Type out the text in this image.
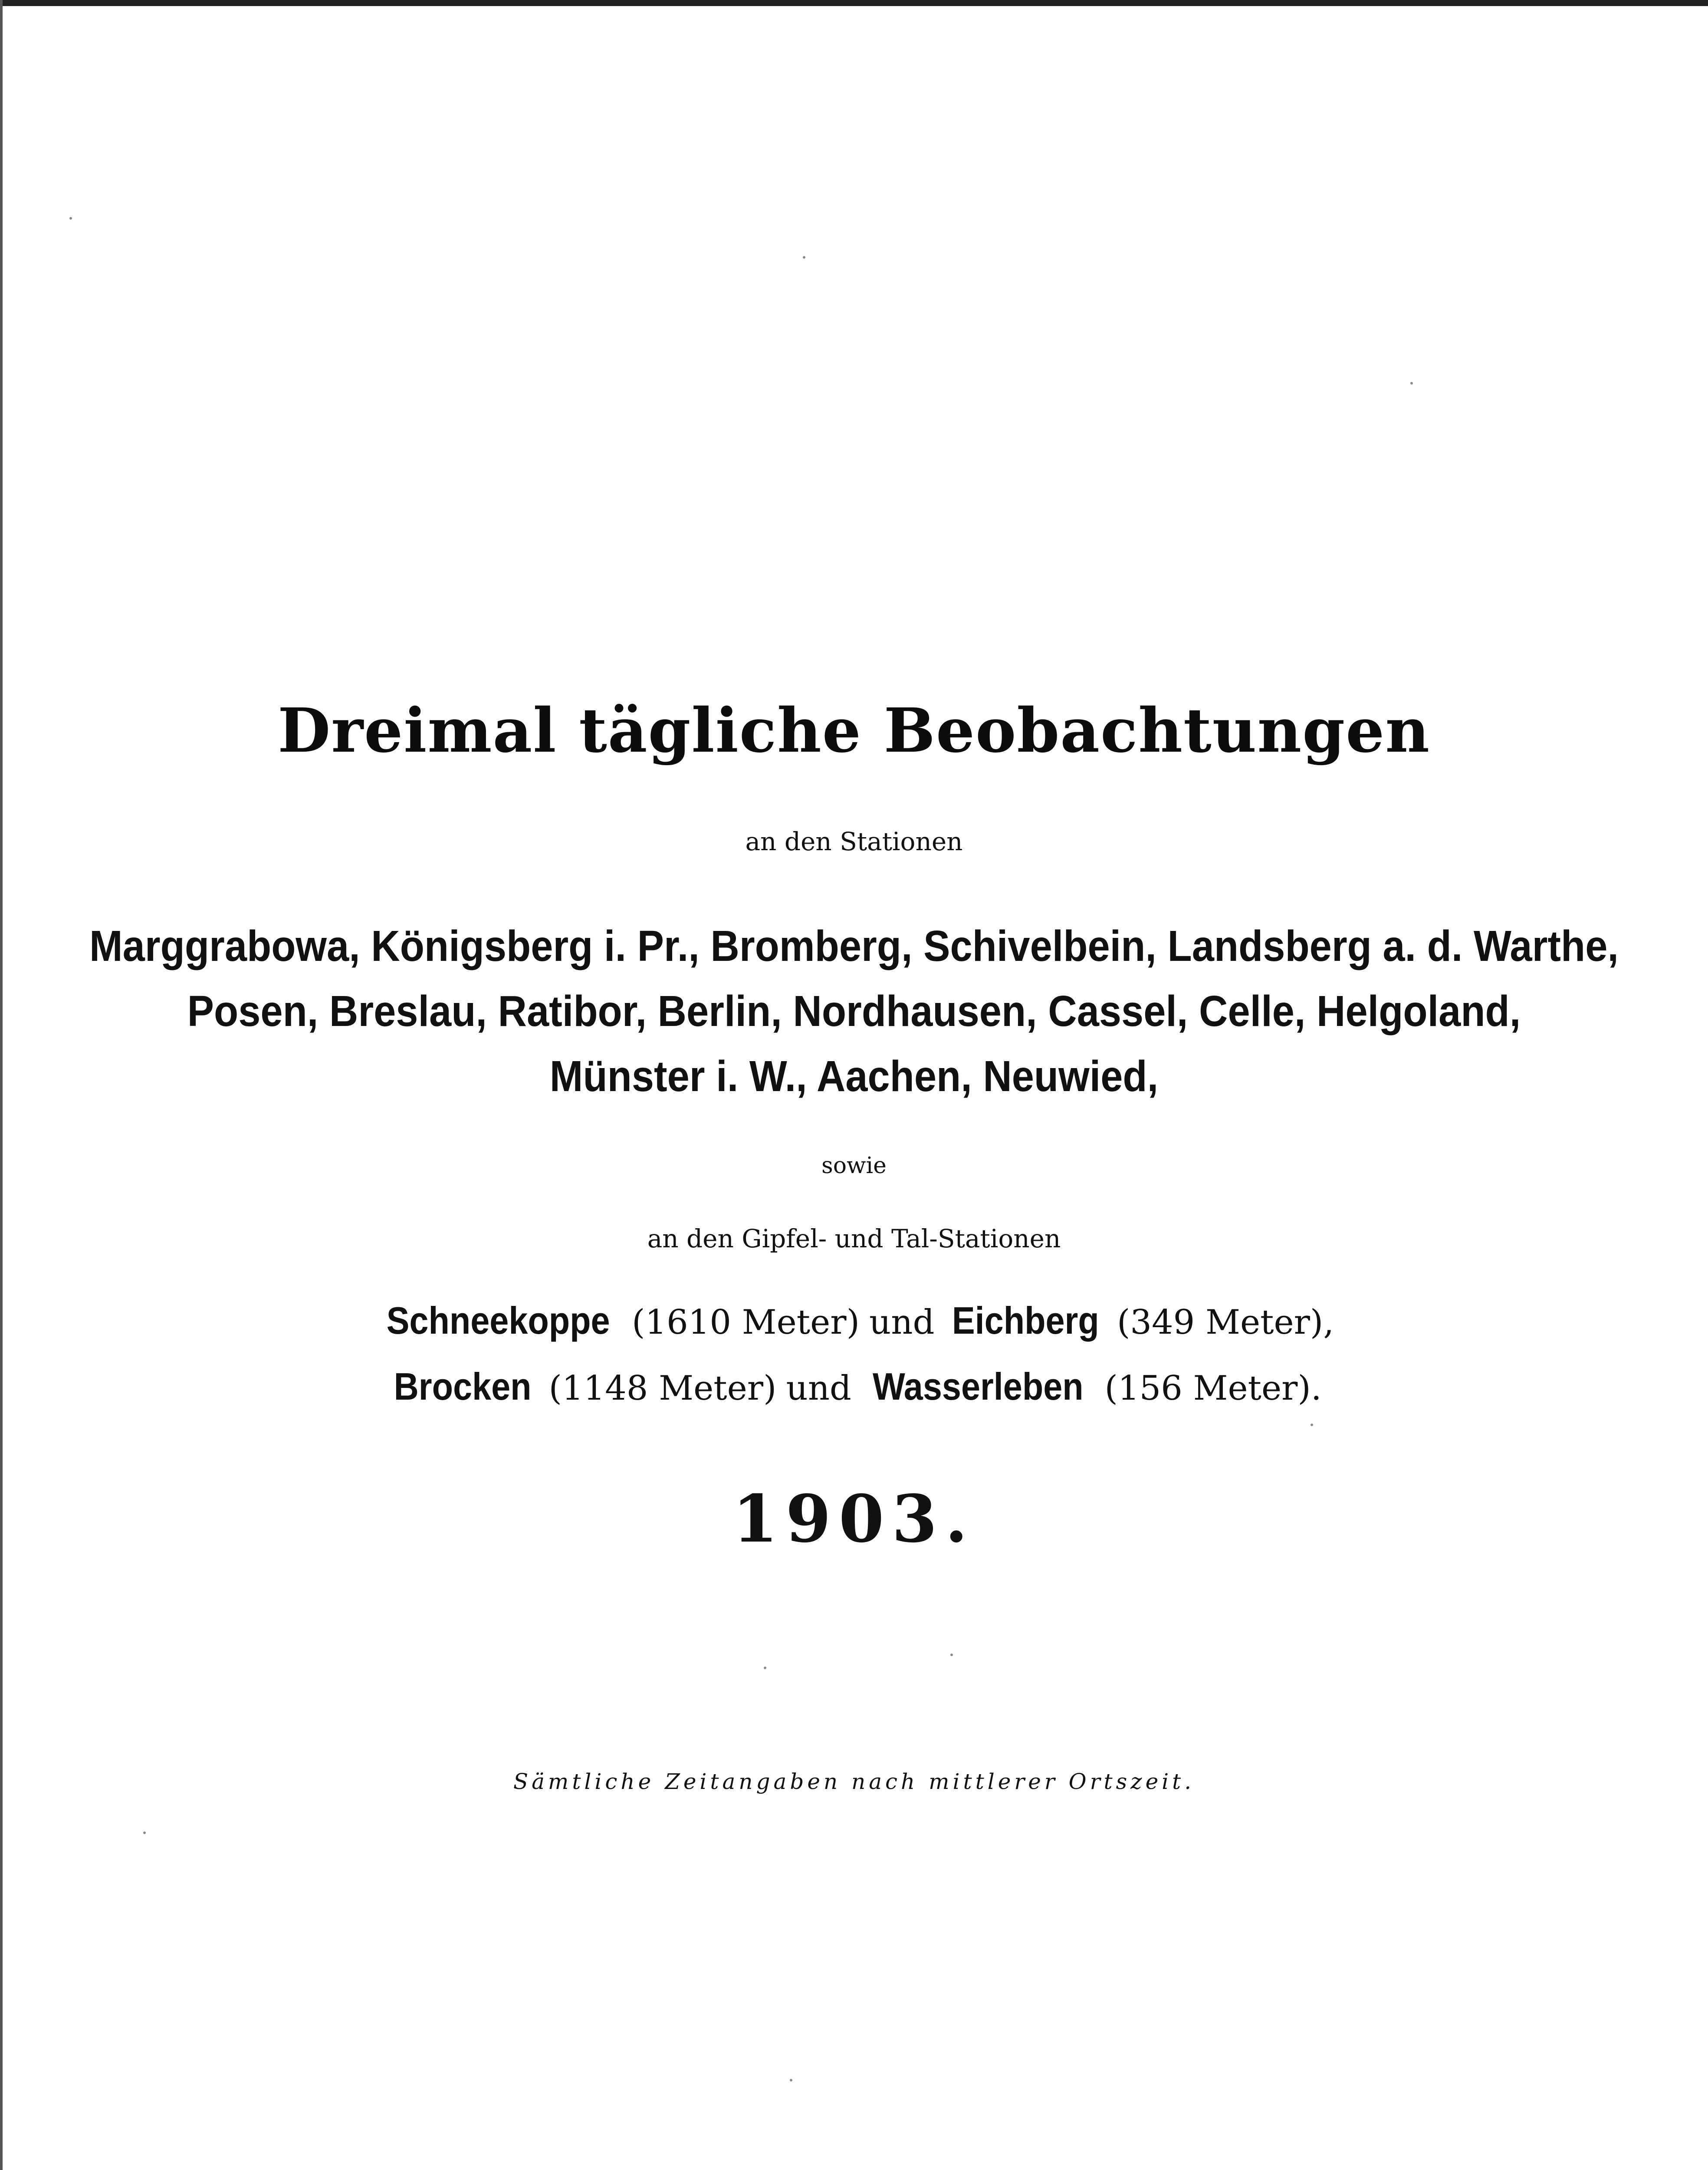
Dreimal tägliche Beobachtungen

an den Stationen

Marggrabowa, Königsberg i. Pr., Bromberg, Schivelbein, Landsberg a. d. Warthe,

Posen, Breslau, Ratibor, Berlin, Nordhausen, Cassel, Celle, Helgoland,

Münster i. W., Aachen, Neuwied,

sowie

an den Gipfel- und Tal-Stationen

Schneekoppe (1610 Meter) und Eichberg (349 Meter),

Brocken (1148 Meter) und Wasserleben (156 Meter).

1903.

Sämtliche Zeitangaben nach mittlerer Ortszeit.
